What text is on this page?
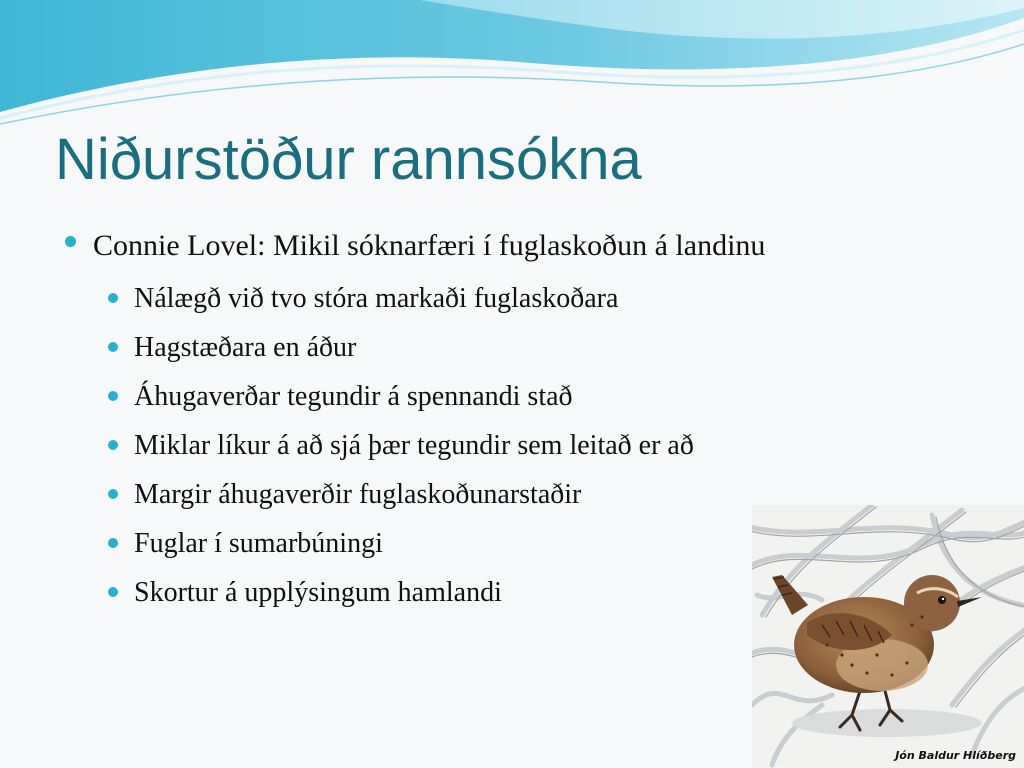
Niðurstöður rannsókna
Connie Lovel: Mikil sóknarfæri í fuglaskoðun á landinu
Nálægð við tvo stóra markaði fuglaskoðara
Hagstæðara en áður
Áhugaverðar tegundir á spennandi stað
Miklar líkur á að sjá þær tegundir sem leitað er að
Margir áhugaverðir fuglaskoðunarstaðir
Fuglar í sumarbúningi
Skortur á upplýsingum hamlandi
Jón Baldur Hlíðberg
